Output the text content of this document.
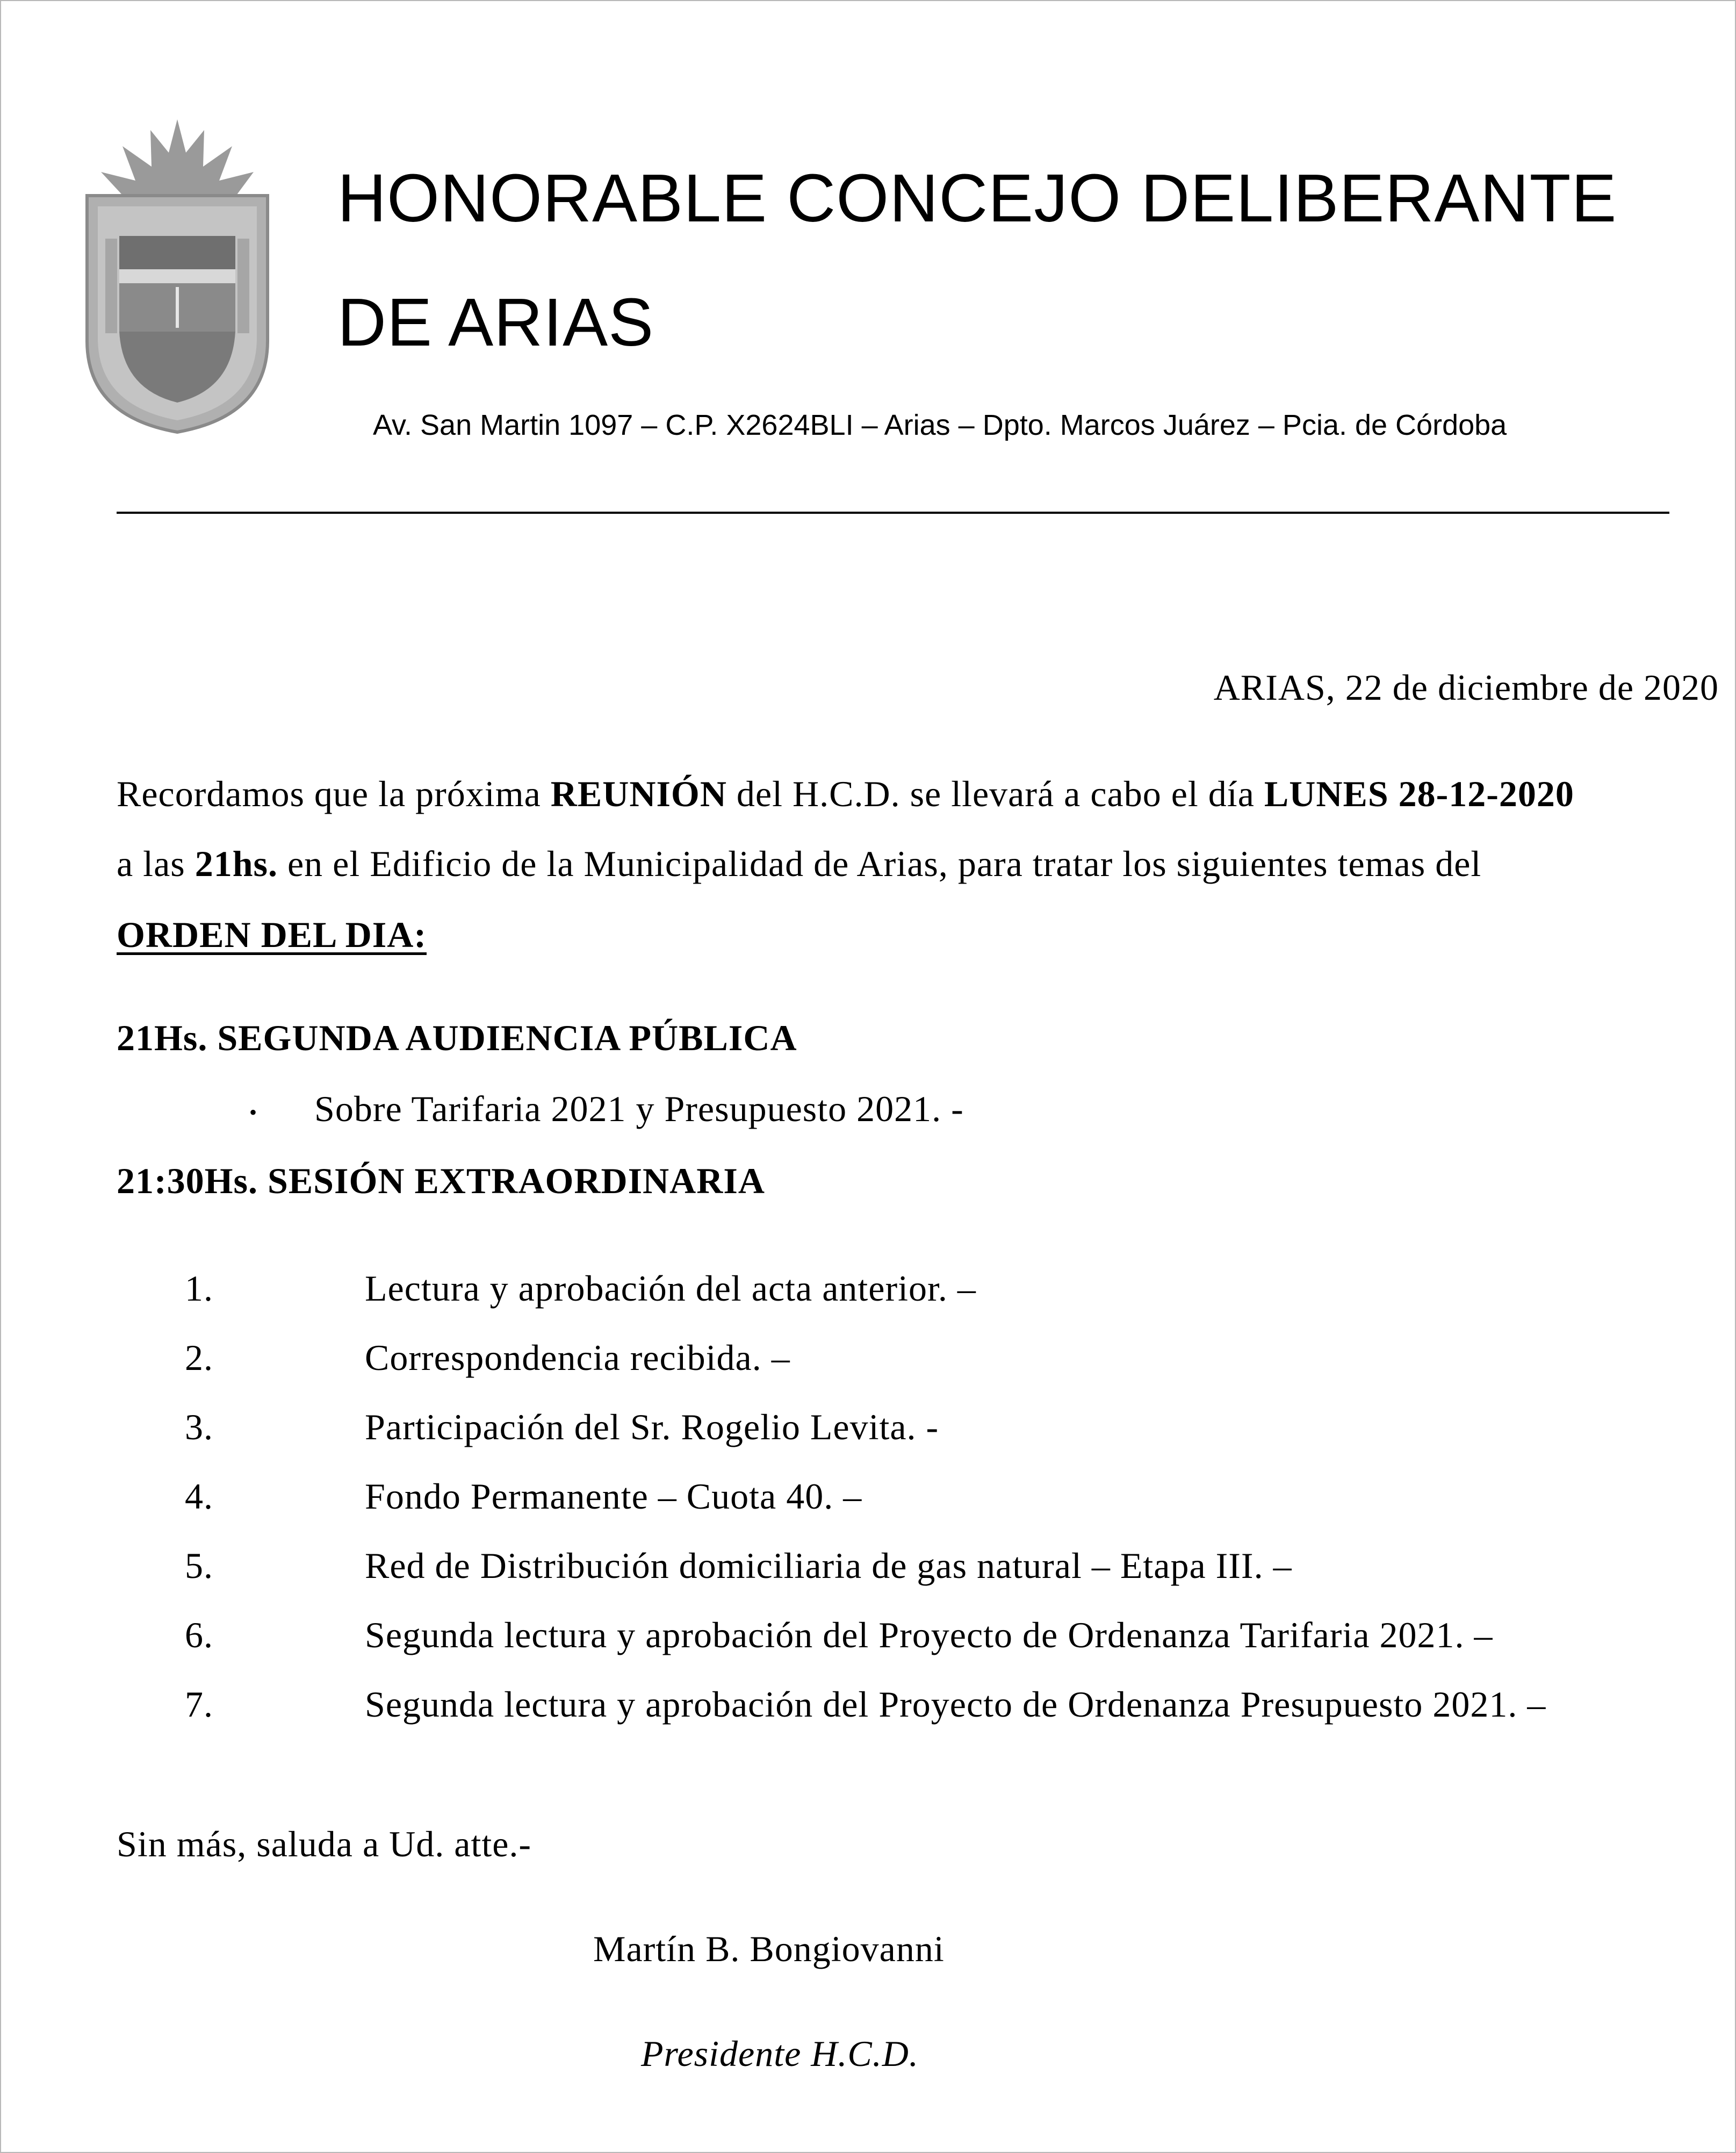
HONORABLE CONCEJO DELIBERANTE
DE ARIAS
Av. San Martin 1097 – C.P. X2624BLI – Arias – Dpto. Marcos Juárez – Pcia. de Córdoba
ARIAS, 22 de diciembre de 2020
Recordamos que la próxima REUNIÓN del H.C.D. se llevará a cabo el día LUNES 28-12-2020
a las 21hs. en el Edificio de la Municipalidad de Arias, para tratar los siguientes temas del
ORDEN DEL DIA:
21Hs. SEGUNDA AUDIENCIA PÚBLICA
• Sobre Tarifaria 2021 y Presupuesto 2021. -
21:30Hs. SESIÓN EXTRAORDINARIA
1.	Lectura y aprobación del acta anterior. –
2.	Correspondencia recibida. –
3.	Participación del Sr. Rogelio Levita. -
4.	Fondo Permanente – Cuota 40. –
5.	Red de Distribución domiciliaria de gas natural – Etapa III. –
6.	Segunda lectura y aprobación del Proyecto de Ordenanza Tarifaria 2021. –
7.	Segunda lectura y aprobación del Proyecto de Ordenanza Presupuesto 2021. –
Sin más, saluda a Ud. atte.-
Martín B. Bongiovanni
Presidente H.C.D.
